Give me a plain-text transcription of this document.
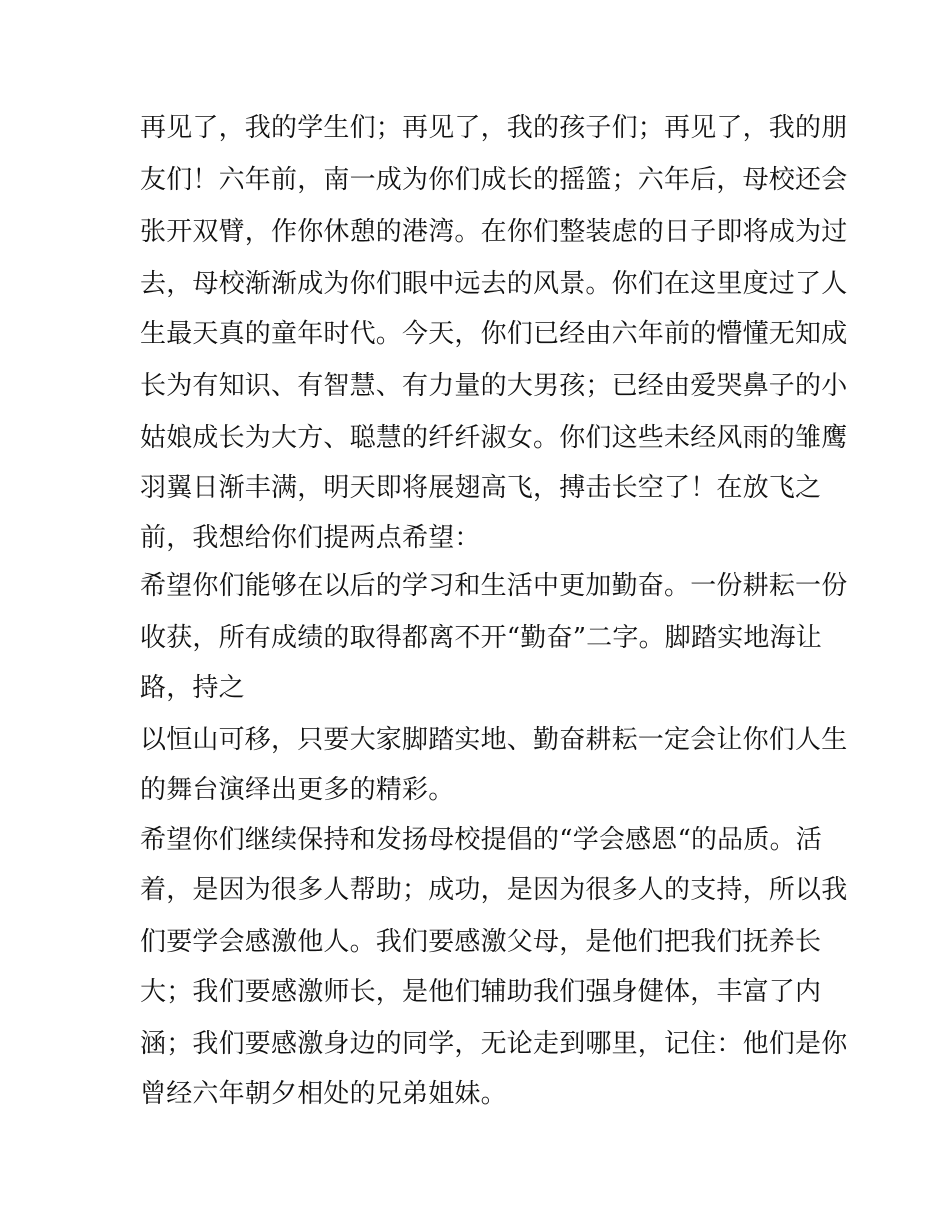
再见了，我的学生们；再见了，我的孩子们；再见了，我的朋
友们！六年前，南一成为你们成长的摇篮；六年后，母校还会
张开双臂，作你休憩的港湾。在你们整装虑的日子即将成为过
去，母校渐渐成为你们眼中远去的风景。你们在这里度过了人
生最天真的童年时代。今天，你们已经由六年前的懵懂无知成
长为有知识、有智慧、有力量的大男孩；已经由爱哭鼻子的小
姑娘成长为大方、聪慧的纤纤淑女。你们这些未经风雨的雏鹰
羽翼日渐丰满，明天即将展翅高飞，搏击长空了！在放飞之
前，我想给你们提两点希望：
希望你们能够在以后的学习和生活中更加勤奋。一份耕耘一份
收获，所有成绩的取得都离不开“勤奋”二字。脚踏实地海让
路，持之
以恒山可移，只要大家脚踏实地、勤奋耕耘一定会让你们人生
的舞台演绎出更多的精彩。
希望你们继续保持和发扬母校提倡的“学会感恩“的品质。活
着，是因为很多人帮助；成功，是因为很多人的支持，所以我
们要学会感激他人。我们要感激父母，是他们把我们抚养长
大；我们要感激师长，是他们辅助我们强身健体，丰富了内
涵；我们要感激身边的同学，无论走到哪里，记住：他们是你
曾经六年朝夕相处的兄弟姐妹。
